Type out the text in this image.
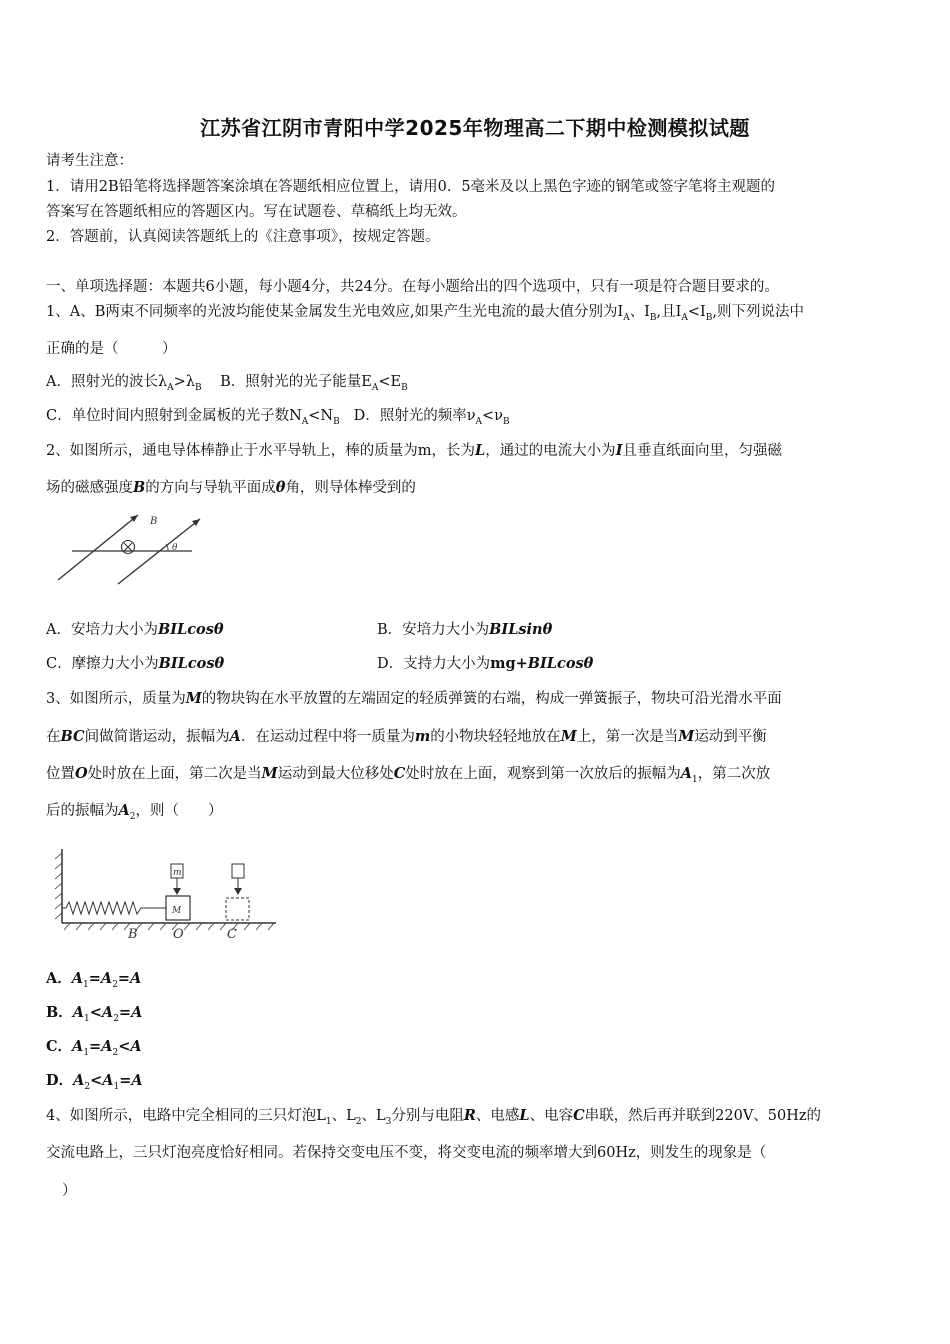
江苏省江阴市青阳中学2025年物理高二下期中检测模拟试题
请考生注意：
1．请用2B铅笔将选择题答案涂填在答题纸相应位置上，请用0．5毫米及以上黑色字迹的钢笔或签字笔将主观题的
答案写在答题纸相应的答题区内。写在试题卷、草稿纸上均无效。
2．答题前，认真阅读答题纸上的《注意事项》，按规定答题。
一、单项选择题：本题共6小题，每小题4分，共24分。在每小题给出的四个选项中，只有一项是符合题目要求的。
1、A、B两束不同频率的光波均能使某金属发生光电效应,如果产生光电流的最大值分别为$I_A$、$I_B$,且$I_A<I_B$,则下列说法中
正确的是（　　　）
A．照射光的波长$\lambda_A>\lambda_B$ B．照射光的光子能量$E_A<E_B$
C．单位时间内照射到金属板的光子数$N_A<N_B$ D．照射光的频率$\nu_A<\nu_B$
2、如图所示，通电导体棒静止于水平导轨上，棒的质量为m，长为L，通过的电流大小为I且垂直纸面向里，匀强磁
场的磁感强度B的方向与导轨平面成θ角，则导体棒受到的
B
θ
A．安培力大小为BILcosθ	B．安培力大小为BILsinθ
C．摩擦力大小为BILcosθ	D．支持力大小为mg+BILcosθ
3、如图所示，质量为M的物块钩在水平放置的左端固定的轻质弹簧的右端，构成一弹簧振子，物块可沿光滑水平面
在BC间做简谐运动，振幅为A．在运动过程中将一质量为m的小物块轻轻地放在M上，第一次是当M运动到平衡
位置O处时放在上面，第二次是当M运动到最大位移处C处时放在上面，观察到第一次放后的振幅为$A_1$，第二次放
后的振幅为$A_2$，则（　　）
M
m
B	O	C
A．$A_1=A_2=A$
B．$A_1<A_2=A$
C．$A_1=A_2<A$
D．$A_2<A_1=A$
4、如图所示，电路中完全相同的三只灯泡$L_1$、$L_2$、$L_3$分别与电阻R、电感L、电容C串联，然后再并联到220V、50Hz的
交流电路上，三只灯泡亮度恰好相同。若保持交变电压不变，将交变电流的频率增大到60Hz，则发生的现象是（
）
